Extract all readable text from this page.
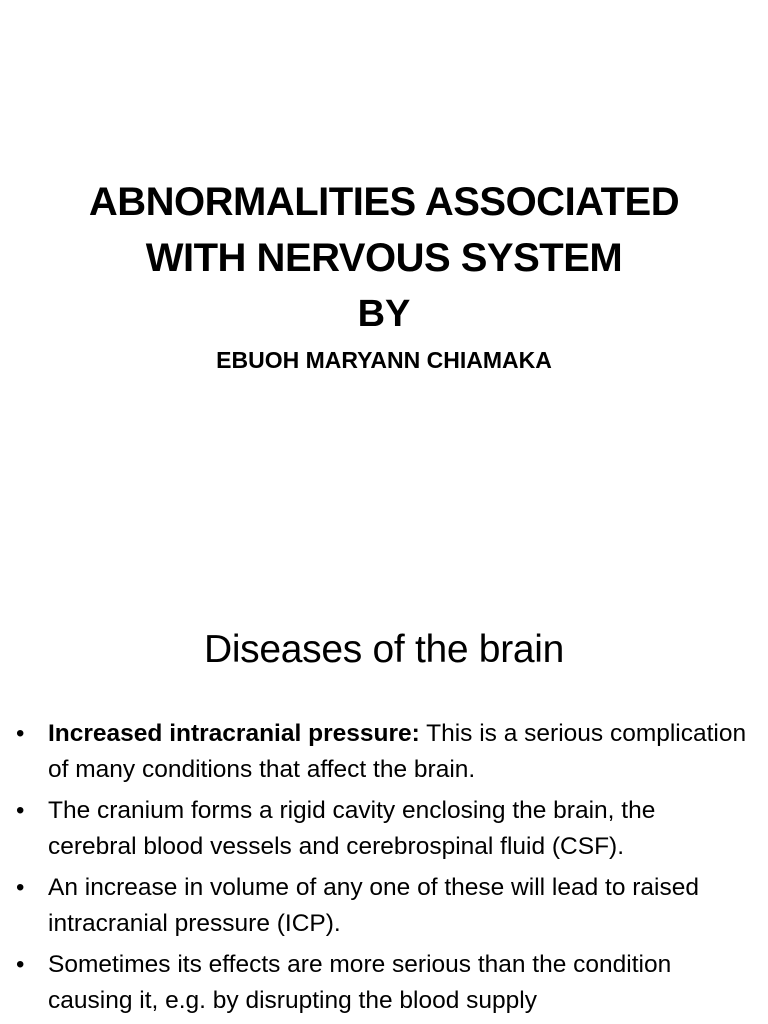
ABNORMALITIES ASSOCIATED
WITH NERVOUS SYSTEM
BY
EBUOH MARYANN CHIAMAKA
Diseases of the brain
• Increased intracranial pressure: This is a serious complication of many conditions that affect the brain.
• The cranium forms a rigid cavity enclosing the brain, the cerebral blood vessels and cerebrospinal fluid (CSF).
• An increase in volume of any one of these will lead to raised intracranial pressure (ICP).
• Sometimes its effects are more serious than the condition causing it, e.g. by disrupting the blood supply
